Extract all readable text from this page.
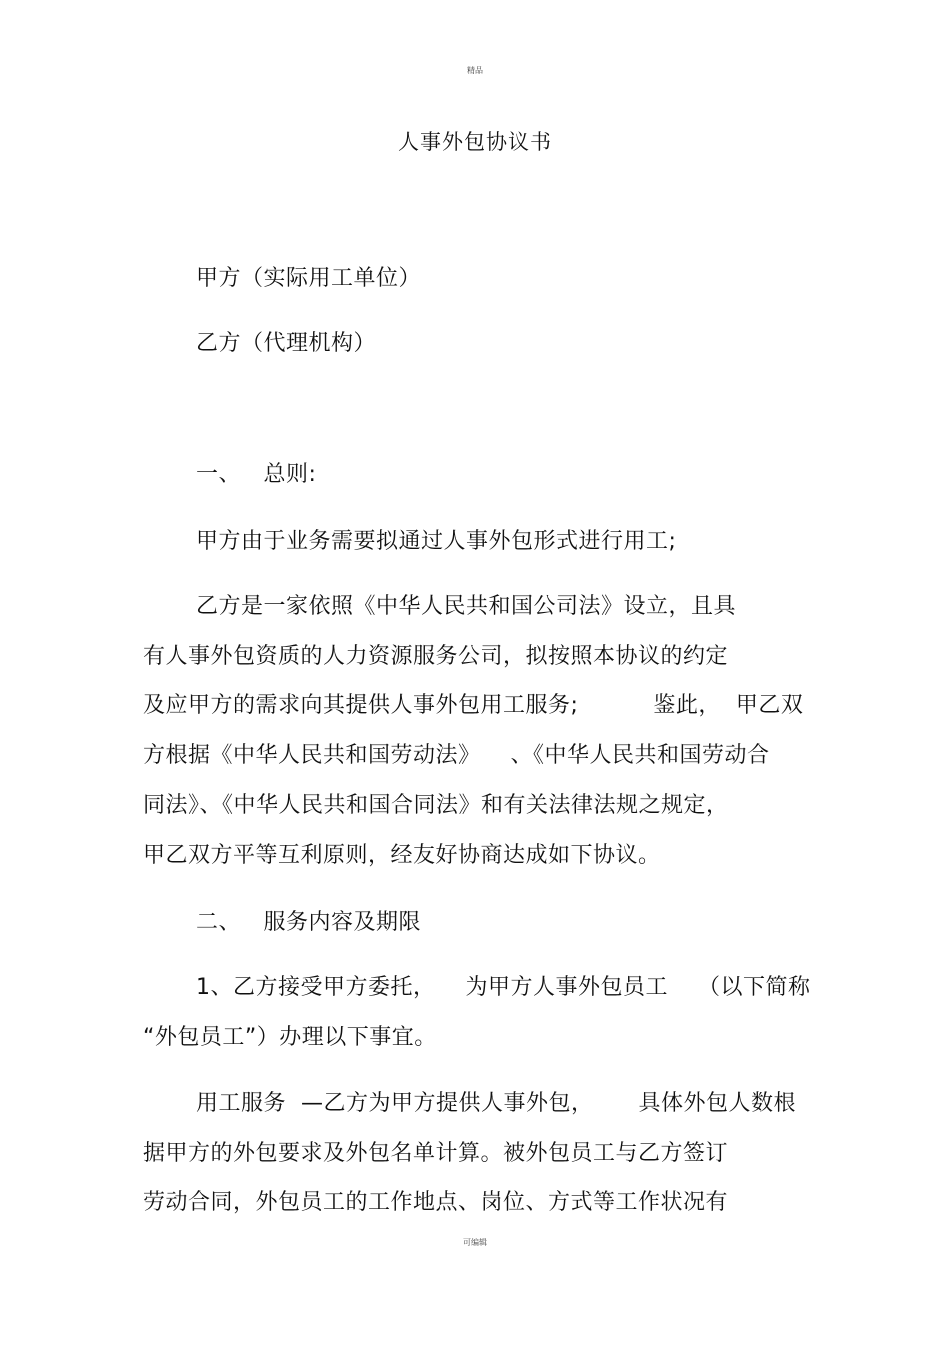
精品
人事外包协议书
甲方（实际用工单位）
乙方（代理机构）
一、   总则:
甲方由于业务需要拟通过人事外包形式进行用工;
乙方是一家依照《中华人民共和国公司法》设立，且具
有人事外包资质的人力资源服务公司，拟按照本协议的约定
及应甲方的需求向其提供人事外包用工服务;          鉴此，  甲乙双
方根据《中华人民共和国劳动法》    、《中华人民共和国劳动合
同法》、《中华人民共和国合同法》和有关法律法规之规定，
甲乙双方平等互利原则，经友好协商达成如下协议。
二、   服务内容及期限
1、乙方接受甲方委托，    为甲方人事外包员工    （以下简称
“外包员工”）办理以下事宜。
用工服务  —乙方为甲方提供人事外包，      具体外包人数根
据甲方的外包要求及外包名单计算。被外包员工与乙方签订
劳动合同，外包员工的工作地点、岗位、方式等工作状况有
可编辑
